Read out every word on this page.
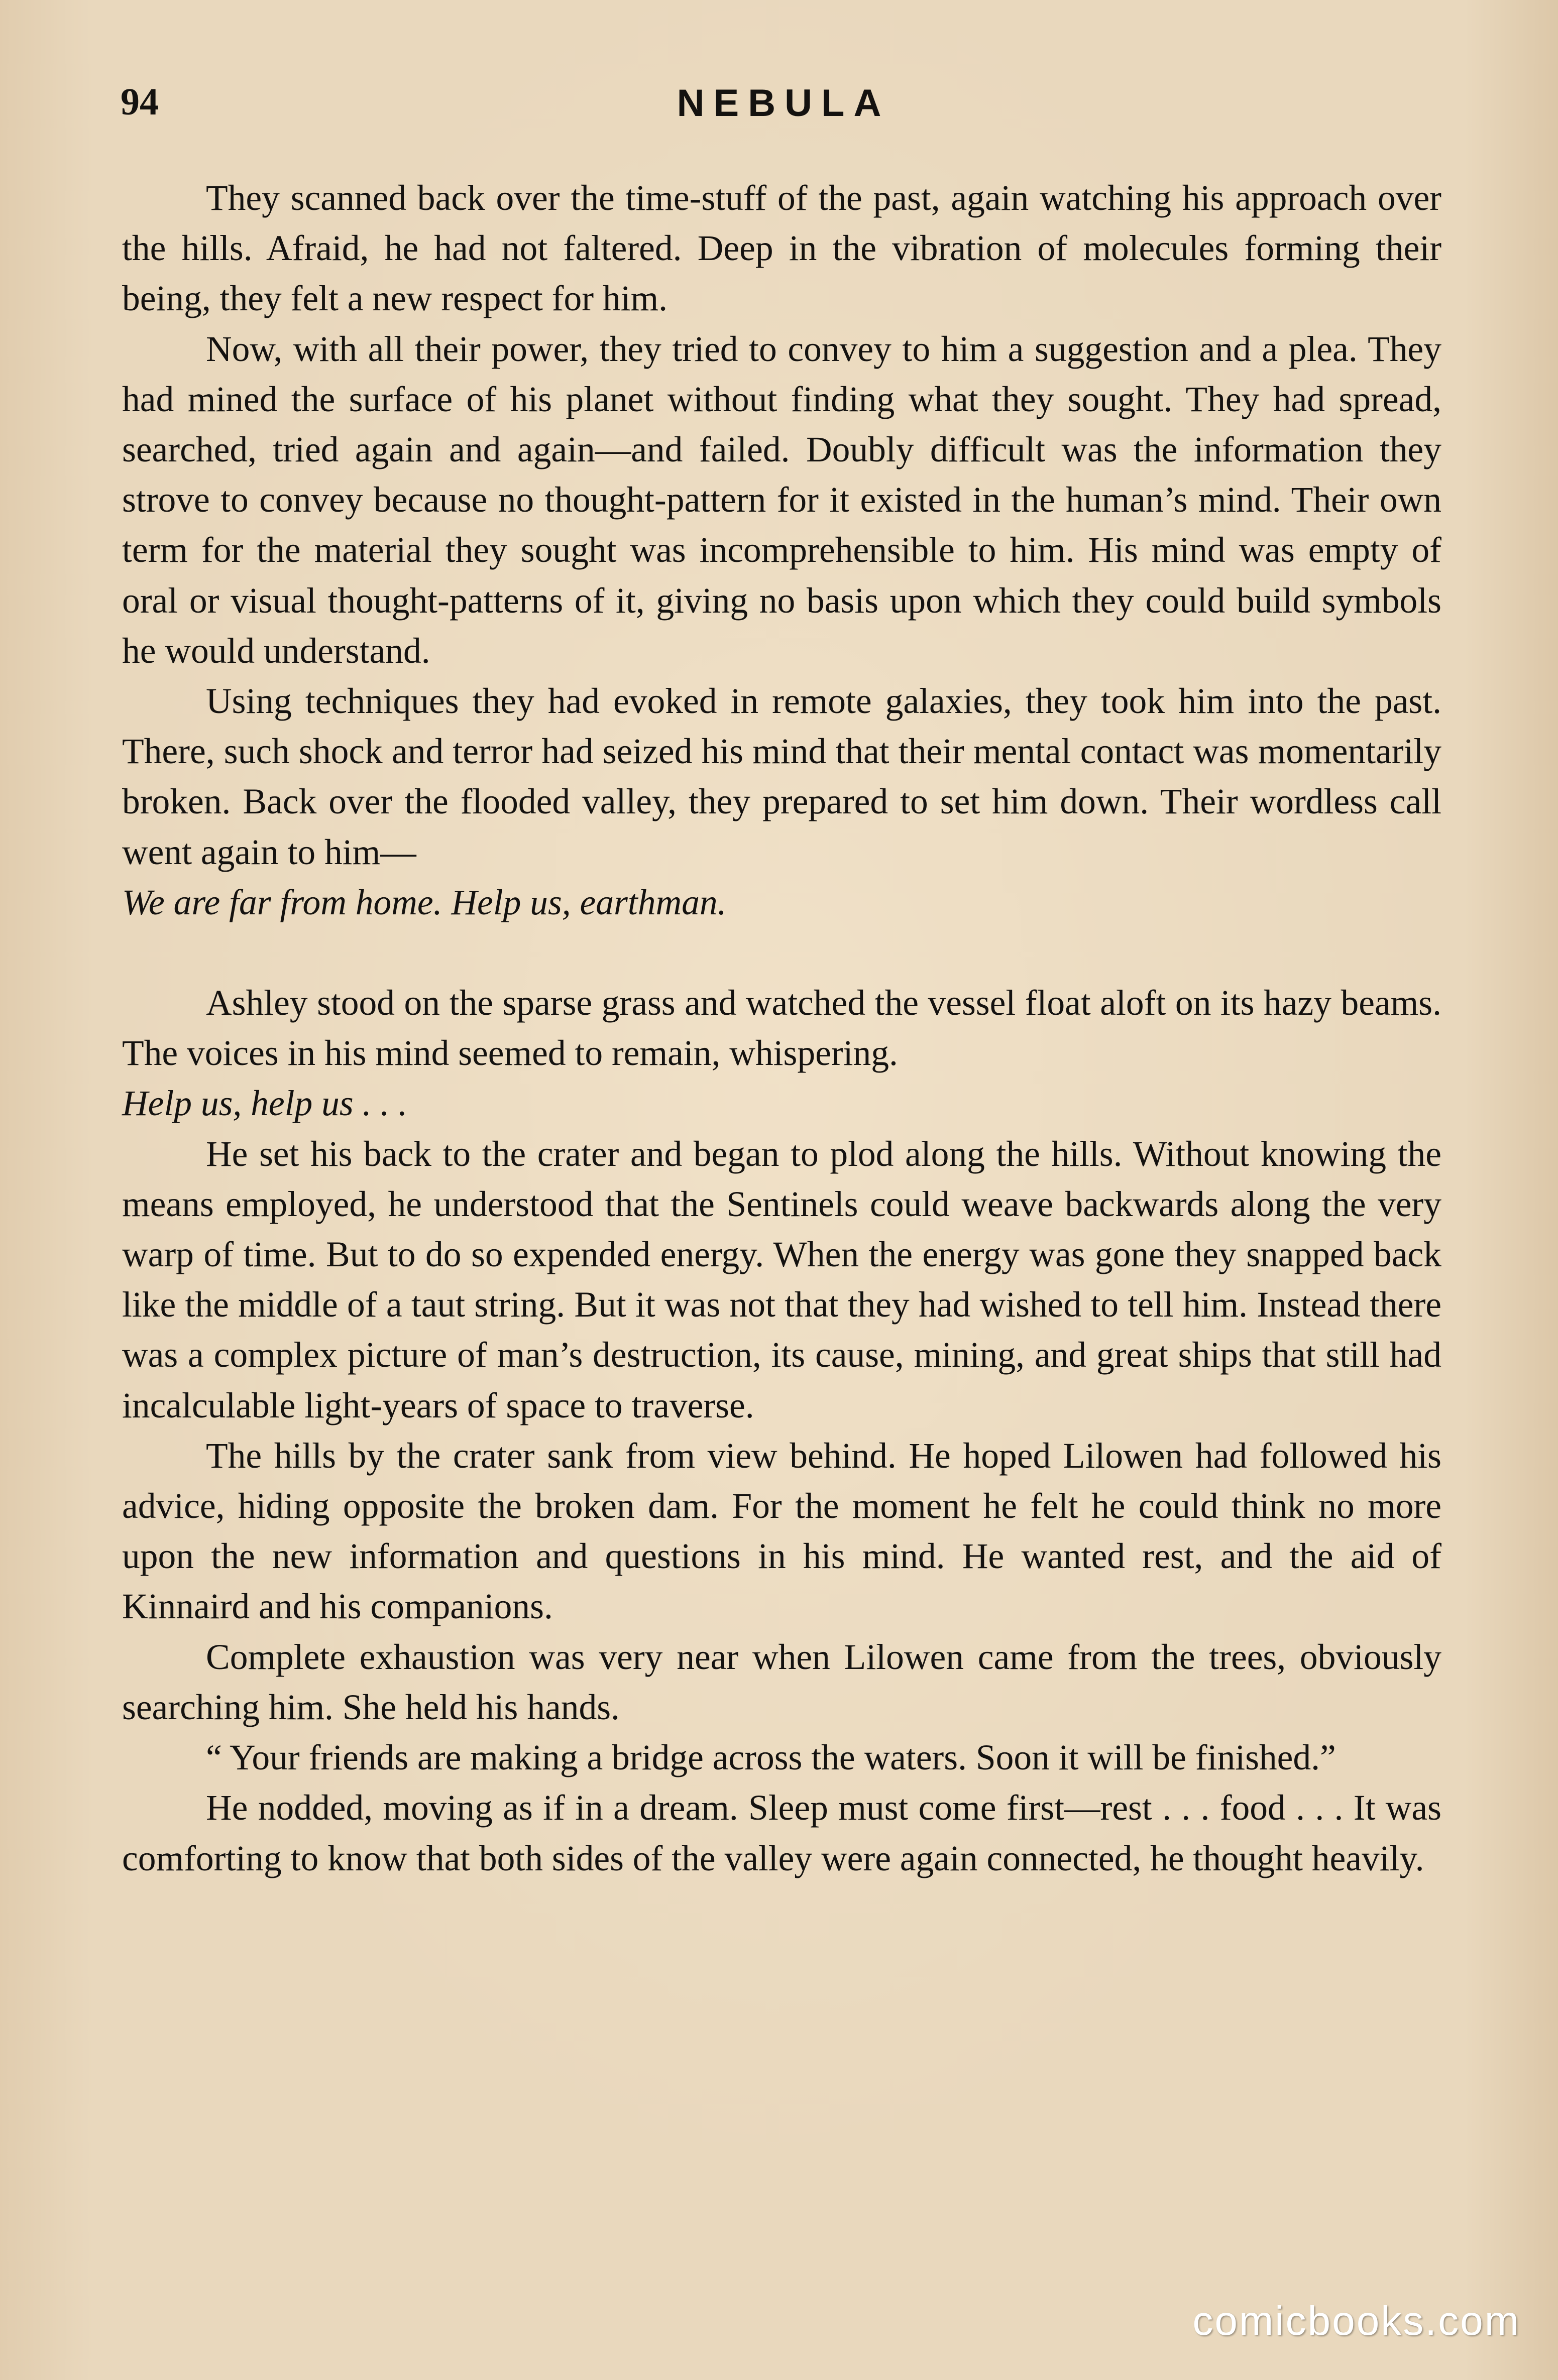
94	NEBULA

They scanned back over the time-stuff of the past, again watching his approach over the hills. Afraid, he had not faltered. Deep in the vibration of molecules forming their being, they felt a new respect for him.

Now, with all their power, they tried to convey to him a suggestion and a plea. They had mined the surface of his planet without finding what they sought. They had spread, searched, tried again and again—and failed. Doubly difficult was the information they strove to convey because no thought-pattern for it existed in the human’s mind. Their own term for the material they sought was incomprehensible to him. His mind was empty of oral or visual thought-patterns of it, giving no basis upon which they could build symbols he would understand.

Using techniques they had evoked in remote galaxies, they took him into the past. There, such shock and terror had seized his mind that their mental contact was momentarily broken. Back over the flooded valley, they prepared to set him down. Their wordless call went again to him—
We are far from home. Help us, earthman.

Ashley stood on the sparse grass and watched the vessel float aloft on its hazy beams. The voices in his mind seemed to remain, whispering.
Help us, help us . . .

He set his back to the crater and began to plod along the hills. Without knowing the means employed, he understood that the Sentinels could weave backwards along the very warp of time. But to do so expended energy. When the energy was gone they snapped back like the middle of a taut string. But it was not that they had wished to tell him. Instead there was a complex picture of man’s destruction, its cause, mining, and great ships that still had incalculable light-years of space to traverse.

The hills by the crater sank from view behind. He hoped Lilowen had followed his advice, hiding opposite the broken dam. For the moment he felt he could think no more upon the new information and questions in his mind. He wanted rest, and the aid of Kinnaird and his companions.

Complete exhaustion was very near when Lilowen came from the trees, obviously searching him. She held his hands.

“ Your friends are making a bridge across the waters. Soon it will be finished.”

He nodded, moving as if in a dream. Sleep must come first—rest . . . food . . . It was comforting to know that both sides of the valley were again connected, he thought heavily.

comicbooks.com
